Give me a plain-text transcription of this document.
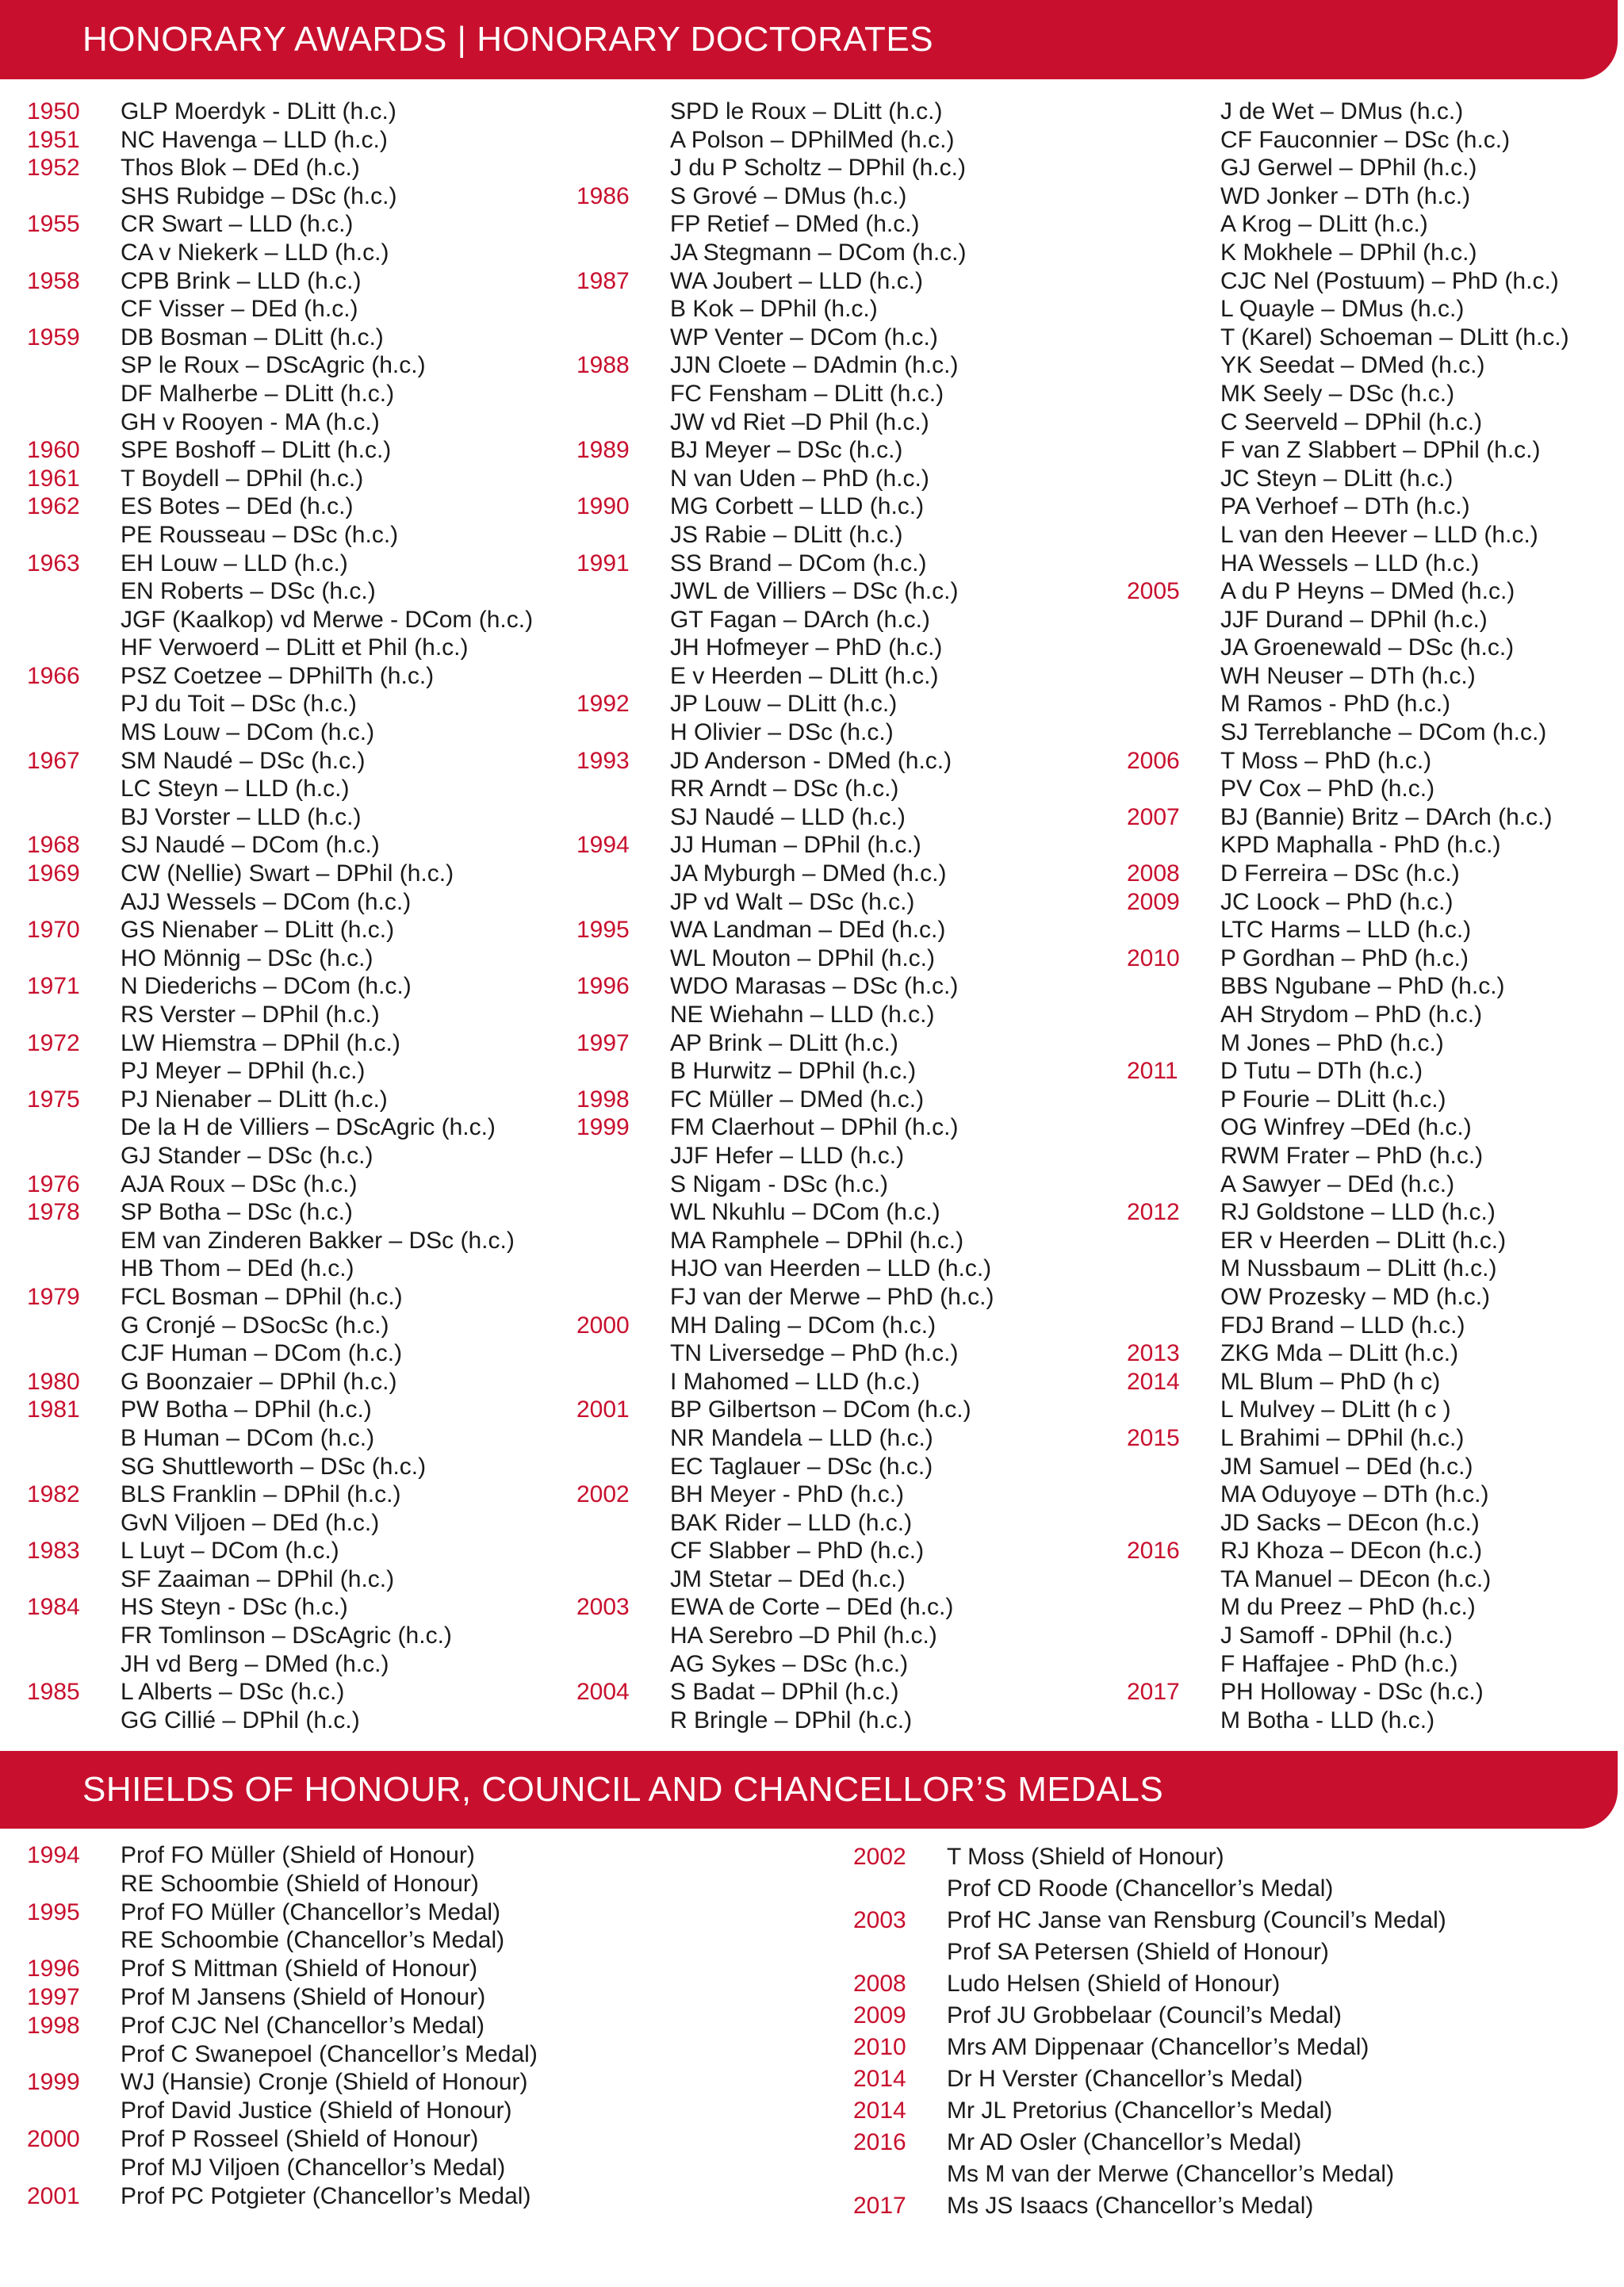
HONORARY AWARDS | HONORARY DOCTORATES
1950	GLP Moerdyk - DLitt (h.c.)
1951	NC Havenga – LLD (h.c.)
1952	Thos Blok – DEd (h.c.)
SHS Rubidge – DSc (h.c.)
1955	CR Swart – LLD (h.c.)
CA v Niekerk – LLD (h.c.)
1958	CPB Brink – LLD (h.c.)
CF Visser – DEd (h.c.)
1959	DB Bosman – DLitt (h.c.)
SP le Roux – DScAgric (h.c.)
DF Malherbe – DLitt (h.c.)
GH v Rooyen - MA (h.c.)
1960	SPE Boshoff – DLitt (h.c.)
1961	T Boydell – DPhil (h.c.)
1962	ES Botes – DEd (h.c.)
PE Rousseau – DSc (h.c.)
1963	EH Louw – LLD (h.c.)
EN Roberts – DSc (h.c.)
JGF (Kaalkop) vd Merwe - DCom (h.c.)
HF Verwoerd – DLitt et Phil (h.c.)
1966	PSZ Coetzee – DPhilTh (h.c.)
PJ du Toit – DSc (h.c.)
MS Louw – DCom (h.c.)
1967	SM Naudé – DSc (h.c.)
LC Steyn – LLD (h.c.)
BJ Vorster – LLD (h.c.)
1968	SJ Naudé – DCom (h.c.)
1969	CW (Nellie) Swart – DPhil (h.c.)
AJJ Wessels – DCom (h.c.)
1970	GS Nienaber – DLitt (h.c.)
HO Mönnig – DSc (h.c.)
1971	N Diederichs – DCom (h.c.)
RS Verster – DPhil (h.c.)
1972	LW Hiemstra – DPhil (h.c.)
PJ Meyer – DPhil (h.c.)
1975	PJ Nienaber – DLitt (h.c.)
De la H de Villiers – DScAgric (h.c.)
GJ Stander – DSc (h.c.)
1976	AJA Roux – DSc (h.c.)
1978	SP Botha – DSc (h.c.)
EM van Zinderen Bakker – DSc (h.c.)
HB Thom – DEd (h.c.)
1979	FCL Bosman – DPhil (h.c.)
G Cronjé – DSocSc (h.c.)
CJF Human – DCom (h.c.)
1980	G Boonzaier – DPhil (h.c.)
1981	PW Botha – DPhil (h.c.)
B Human – DCom (h.c.)
SG Shuttleworth – DSc (h.c.)
1982	BLS Franklin – DPhil (h.c.)
GvN Viljoen – DEd (h.c.)
1983	L Luyt – DCom (h.c.)
SF Zaaiman – DPhil (h.c.)
1984	HS Steyn - DSc (h.c.)
FR Tomlinson – DScAgric (h.c.)
JH vd Berg – DMed (h.c.)
1985	L Alberts – DSc (h.c.)
GG Cillié – DPhil (h.c.)
SPD le Roux – DLitt (h.c.)
A Polson – DPhilMed (h.c.)
J du P Scholtz – DPhil (h.c.)
1986	S Grové – DMus (h.c.)
FP Retief – DMed (h.c.)
JA Stegmann – DCom (h.c.)
1987	WA Joubert – LLD (h.c.)
B Kok – DPhil (h.c.)
WP Venter – DCom (h.c.)
1988	JJN Cloete – DAdmin (h.c.)
FC Fensham – DLitt (h.c.)
JW vd Riet –D Phil (h.c.)
1989	BJ Meyer – DSc (h.c.)
N van Uden – PhD (h.c.)
1990	MG Corbett – LLD (h.c.)
JS Rabie – DLitt (h.c.)
1991	SS Brand – DCom (h.c.)
JWL de Villiers – DSc (h.c.)
GT Fagan – DArch (h.c.)
JH Hofmeyer – PhD (h.c.)
E v Heerden – DLitt (h.c.)
1992	JP Louw – DLitt (h.c.)
H Olivier – DSc (h.c.)
1993	JD Anderson - DMed (h.c.)
RR Arndt – DSc (h.c.)
SJ Naudé – LLD (h.c.)
1994	JJ Human – DPhil (h.c.)
JA Myburgh – DMed (h.c.)
JP vd Walt – DSc (h.c.)
1995	WA Landman – DEd (h.c.)
WL Mouton – DPhil (h.c.)
1996	WDO Marasas – DSc (h.c.)
NE Wiehahn – LLD (h.c.)
1997	AP Brink – DLitt (h.c.)
B Hurwitz – DPhil (h.c.)
1998	FC Müller – DMed (h.c.)
1999	FM Claerhout – DPhil (h.c.)
JJF Hefer – LLD (h.c.)
S Nigam - DSc (h.c.)
WL Nkuhlu – DCom (h.c.)
MA Ramphele – DPhil (h.c.)
HJO van Heerden – LLD (h.c.)
FJ van der Merwe – PhD (h.c.)
2000	MH Daling – DCom (h.c.)
TN Liversedge – PhD (h.c.)
I Mahomed – LLD (h.c.)
2001	BP Gilbertson – DCom (h.c.)
NR Mandela – LLD (h.c.)
EC Taglauer – DSc (h.c.)
2002	BH Meyer - PhD (h.c.)
BAK Rider – LLD (h.c.)
CF Slabber – PhD (h.c.)
JM Stetar – DEd (h.c.)
2003	EWA de Corte – DEd (h.c.)
HA Serebro –D Phil (h.c.)
AG Sykes – DSc (h.c.)
2004	S Badat – DPhil (h.c.)
R Bringle – DPhil (h.c.)
J de Wet – DMus (h.c.)
CF Fauconnier – DSc (h.c.)
GJ Gerwel – DPhil (h.c.)
WD Jonker – DTh (h.c.)
A Krog – DLitt (h.c.)
K Mokhele – DPhil (h.c.)
CJC Nel (Postuum) – PhD (h.c.)
L Quayle – DMus (h.c.)
T (Karel) Schoeman – DLitt (h.c.)
YK Seedat – DMed (h.c.)
MK Seely – DSc (h.c.)
C Seerveld – DPhil (h.c.)
F van Z Slabbert – DPhil (h.c.)
JC Steyn – DLitt (h.c.)
PA Verhoef – DTh (h.c.)
L van den Heever – LLD (h.c.)
HA Wessels – LLD (h.c.)
2005	A du P Heyns – DMed (h.c.)
JJF Durand – DPhil (h.c.)
JA Groenewald – DSc (h.c.)
WH Neuser – DTh (h.c.)
M Ramos - PhD (h.c.)
SJ Terreblanche – DCom (h.c.)
2006	T Moss – PhD (h.c.)
PV Cox – PhD (h.c.)
2007	BJ (Bannie) Britz – DArch (h.c.)
KPD Maphalla - PhD (h.c.)
2008	D Ferreira – DSc (h.c.)
2009	JC Loock – PhD (h.c.)
LTC Harms – LLD (h.c.)
2010	P Gordhan – PhD (h.c.)
BBS Ngubane – PhD (h.c.)
AH Strydom – PhD (h.c.)
M Jones – PhD (h.c.)
2011	D Tutu – DTh (h.c.)
P Fourie – DLitt (h.c.)
OG Winfrey –DEd (h.c.)
RWM Frater – PhD (h.c.)
A Sawyer – DEd (h.c.)
2012	RJ Goldstone – LLD (h.c.)
ER v Heerden – DLitt (h.c.)
M Nussbaum – DLitt (h.c.)
OW Prozesky – MD (h.c.)
FDJ Brand – LLD (h.c.)
2013	ZKG Mda – DLitt (h.c.)
2014	ML Blum – PhD (h c)
L Mulvey – DLitt (h c )
2015	L Brahimi – DPhil (h.c.)
JM Samuel – DEd (h.c.)
MA Oduyoye – DTh (h.c.)
JD Sacks – DEcon (h.c.)
2016	RJ Khoza – DEcon (h.c.)
TA Manuel – DEcon (h.c.)
M du Preez – PhD (h.c.)
J Samoff - DPhil (h.c.)
F Haffajee - PhD (h.c.)
2017	PH Holloway - DSc (h.c.)
M Botha - LLD (h.c.)
SHIELDS OF HONOUR, COUNCIL AND CHANCELLOR’S MEDALS
1994	Prof FO Müller (Shield of Honour)
RE Schoombie (Shield of Honour)
1995	Prof FO Müller (Chancellor’s Medal)
RE Schoombie (Chancellor’s Medal)
1996	Prof S Mittman (Shield of Honour)
1997	Prof M Jansens (Shield of Honour)
1998	Prof CJC Nel (Chancellor’s Medal)
Prof C Swanepoel (Chancellor’s Medal)
1999	WJ (Hansie) Cronje (Shield of Honour)
Prof David Justice (Shield of Honour)
2000	Prof P Rosseel (Shield of Honour)
Prof MJ Viljoen (Chancellor’s Medal)
2001	Prof PC Potgieter (Chancellor’s Medal)
2002	T Moss (Shield of Honour)
Prof CD Roode (Chancellor’s Medal)
2003	Prof HC Janse van Rensburg (Council’s Medal)
Prof SA Petersen (Shield of Honour)
2008	Ludo Helsen (Shield of Honour)
2009	Prof JU Grobbelaar (Council’s Medal)
2010	Mrs AM Dippenaar (Chancellor’s Medal)
2014	Dr H Verster (Chancellor’s Medal)
2014	Mr JL Pretorius (Chancellor’s Medal)
2016	Mr AD Osler (Chancellor’s Medal)
Ms M van der Merwe (Chancellor’s Medal)
2017	Ms JS Isaacs (Chancellor’s Medal)
